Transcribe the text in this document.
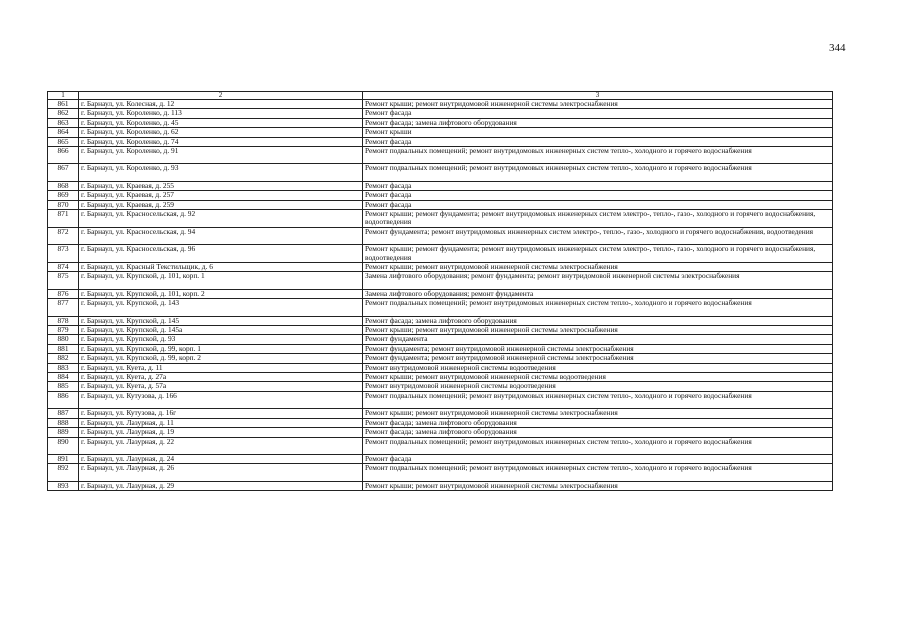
344
1	2	3
861	г. Барнаул, ул. Колесная, д. 12	Ремонт крыши; ремонт внутридомовой инженерной системы электроснабжения
862	г. Барнаул, ул. Короленко, д. 113	Ремонт фасада
863	г. Барнаул, ул. Короленко, д. 45	Ремонт фасада; замена лифтового оборудования
864	г. Барнаул, ул. Короленко, д. 62	Ремонт крыши
865	г. Барнаул, ул. Короленко, д. 74	Ремонт фасада
866	г. Барнаул, ул. Короленко, д. 91	Ремонт подвальных помещений; ремонт внутридомовых инженерных систем тепло-, холодного и горячего водоснабжения
867	г. Барнаул, ул. Короленко, д. 93	Ремонт подвальных помещений; ремонт внутридомовых инженерных систем тепло-, холодного и горячего водоснабжения
868	г. Барнаул, ул. Краевая, д. 255	Ремонт фасада
869	г. Барнаул, ул. Краевая, д. 257	Ремонт фасада
870	г. Барнаул, ул. Краевая, д. 259	Ремонт фасада
871	г. Барнаул, ул. Красносельская, д. 92	Ремонт крыши; ремонт фундамента; ремонт внутридомовых инженерных систем электро-, тепло-, газо-, холодного и горячего водоснабжения, водоотведения
872	г. Барнаул, ул. Красносельская, д. 94	Ремонт фундамента; ремонт внутридомовых инженерных систем электро-, тепло-, газо-, холодного и горячего водоснабжения, водоотведения
873	г. Барнаул, ул. Красносельская, д. 96	Ремонт крыши; ремонт фундамента; ремонт внутридомовых инженерных систем электро-, тепло-, газо-, холодного и горячего водоснабжения, водоотведения
874	г. Барнаул, ул. Красный Текстильщик, д. 6	Ремонт крыши; ремонт внутридомовой инженерной системы электроснабжения
875	г. Барнаул, ул. Крупской, д. 101, корп. 1	Замена лифтового оборудования; ремонт фундамента; ремонт внутридомовой инженерной системы электроснабжения
876	г. Барнаул, ул. Крупской, д. 101, корп. 2	Замена лифтового оборудования; ремонт фундамента
877	г. Барнаул, ул. Крупской, д. 143	Ремонт подвальных помещений; ремонт внутридомовых инженерных систем тепло-, холодного и горячего водоснабжения
878	г. Барнаул, ул. Крупской, д. 145	Ремонт фасада; замена лифтового оборудования
879	г. Барнаул, ул. Крупской, д. 145а	Ремонт крыши; ремонт внутридомовой инженерной системы электроснабжения
880	г. Барнаул, ул. Крупской, д. 93	Ремонт фундамента
881	г. Барнаул, ул. Крупской, д. 99, корп. 1	Ремонт фундамента; ремонт внутридомовой инженерной системы электроснабжения
882	г. Барнаул, ул. Крупской, д. 99, корп. 2	Ремонт фундамента; ремонт внутридомовой инженерной системы электроснабжения
883	г. Барнаул, ул. Куета, д. 11	Ремонт внутридомовой инженерной системы водоотведения
884	г. Барнаул, ул. Куета, д. 27а	Ремонт крыши; ремонт внутридомовой инженерной системы водоотведения
885	г. Барнаул, ул. Куета, д. 57а	Ремонт внутридомовой инженерной системы водоотведения
886	г. Барнаул, ул. Кутузова, д. 166	Ремонт подвальных помещений; ремонт внутридомовых инженерных систем тепло-, холодного и горячего водоснабжения
887	г. Барнаул, ул. Кутузова, д. 16г	Ремонт крыши; ремонт внутридомовой инженерной системы электроснабжения
888	г. Барнаул, ул. Лазурная, д. 11	Ремонт фасада; замена лифтового оборудования
889	г. Барнаул, ул. Лазурная, д. 19	Ремонт фасада; замена лифтового оборудования
890	г. Барнаул, ул. Лазурная, д. 22	Ремонт подвальных помещений; ремонт внутридомовых инженерных систем тепло-, холодного и горячего водоснабжения
891	г. Барнаул, ул. Лазурная, д. 24	Ремонт фасада
892	г. Барнаул, ул. Лазурная, д. 26	Ремонт подвальных помещений; ремонт внутридомовых инженерных систем тепло-, холодного и горячего водоснабжения
893	г. Барнаул, ул. Лазурная, д. 29	Ремонт крыши; ремонт внутридомовой инженерной системы электроснабжения
